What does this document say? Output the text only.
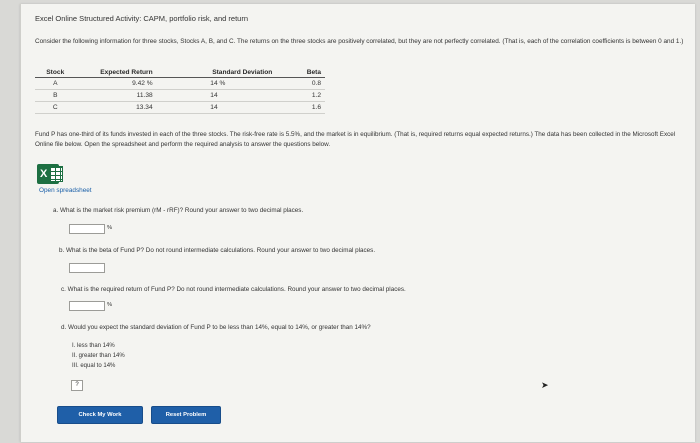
Excel Online Structured Activity: CAPM, portfolio risk, and return
Consider the following information for three stocks, Stocks A, B, and C. The returns on the three stocks are positively correlated, but they are not perfectly correlated. (That is, each of the correlation coefficients is between 0 and 1.)
Stock	Expected Return	Standard Deviation	Beta
A	9.42 %	14 %	0.8
B	11.38	14	1.2
C	13.34	14	1.6
Fund P has one-third of its funds invested in each of the three stocks. The risk-free rate is 5.5%, and the market is in equilibrium. (That is, required returns equal expected returns.) The data has been collected in the Microsoft Excel Online file below. Open the spreadsheet and perform the required analysis to answer the questions below.
X
Open spreadsheet
a. What is the market risk premium (rM - rRF)? Round your answer to two decimal places.
%
b. What is the beta of Fund P? Do not round intermediate calculations. Round your answer to two decimal places.
c. What is the required return of Fund P? Do not round intermediate calculations. Round your answer to two decimal places.
%
d. Would you expect the standard deviation of Fund P to be less than 14%, equal to 14%, or greater than 14%?
I. less than 14%
II. greater than 14%
III. equal to 14%
?
Check My Work	Reset Problem
➤
